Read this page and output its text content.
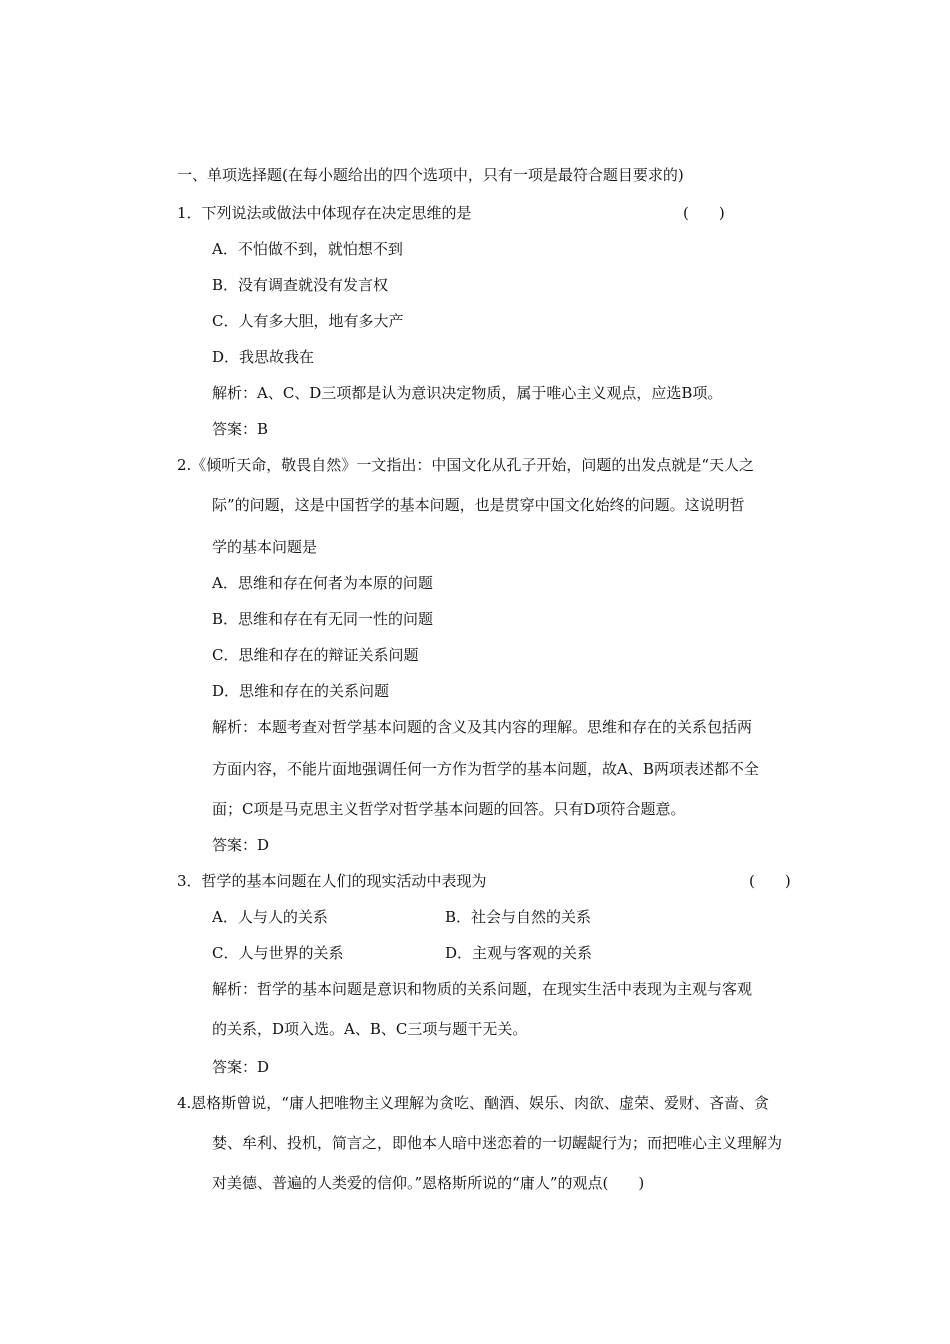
一、单项选择题(在每小题给出的四个选项中，只有一项是最符合题目要求的)
1．下列说法或做法中体现存在决定思维的是	(　　)
A．不怕做不到，就怕想不到
B．没有调查就没有发言权
C．人有多大胆，地有多大产
D．我思故我在
解析：A、C、D三项都是认为意识决定物质，属于唯心主义观点，应选B项。
答案：B
2.《倾听天命，敬畏自然》一文指出：中国文化从孔子开始，问题的出发点就是“天人之
际”的问题，这是中国哲学的基本问题，也是贯穿中国文化始终的问题。这说明哲
学的基本问题是
A．思维和存在何者为本原的问题
B．思维和存在有无同一性的问题
C．思维和存在的辩证关系问题
D．思维和存在的关系问题
解析：本题考查对哲学基本问题的含义及其内容的理解。思维和存在的关系包括两
方面内容，不能片面地强调任何一方作为哲学的基本问题，故A、B两项表述都不全
面；C项是马克思主义哲学对哲学基本问题的回答。只有D项符合题意。
答案：D
3．哲学的基本问题在人们的现实活动中表现为	(　　)
A．人与人的关系	B．社会与自然的关系
C．人与世界的关系	D．主观与客观的关系
解析：哲学的基本问题是意识和物质的关系问题，在现实生活中表现为主观与客观
的关系，D项入选。A、B、C三项与题干无关。
答案：D
4.恩格斯曾说，“庸人把唯物主义理解为贪吃、酗酒、娱乐、肉欲、虚荣、爱财、吝啬、贪
婪、牟利、投机，简言之，即他本人暗中迷恋着的一切龌龊行为；而把唯心主义理解为
对美德、普遍的人类爱的信仰。”恩格斯所说的“庸人”的观点(　　)
